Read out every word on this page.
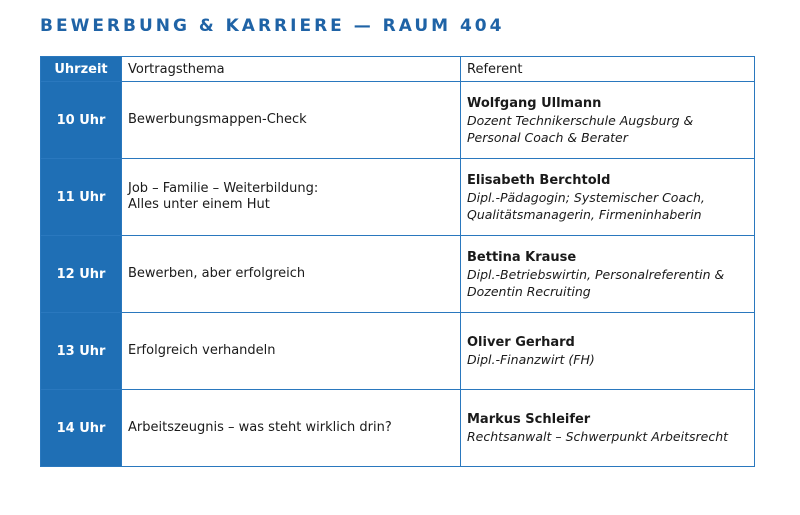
BEWERBUNG & KARRIERE — RAUM 404
Uhrzeit	Vortragsthema	Referent
10 Uhr	Bewerbungsmappen-Check	Wolfgang Ullmann
Dozent Technikerschule Augsburg &
Personal Coach & Berater

11 Uhr	Job – Familie – Weiterbildung:
Alles unter einem Hut	Elisabeth Berchtold
Dipl.-Pädagogin; Systemischer Coach,
Qualitätsmanagerin, Firmeninhaberin

12 Uhr	Bewerben, aber erfolgreich	Bettina Krause
Dipl.-Betriebswirtin, Personalreferentin &
Dozentin Recruiting

13 Uhr	Erfolgreich verhandeln	Oliver Gerhard
Dipl.-Finanzwirt (FH)

14 Uhr	Arbeitszeugnis – was steht wirklich drin?	Markus Schleifer
Rechtsanwalt – Schwerpunkt Arbeitsrecht
